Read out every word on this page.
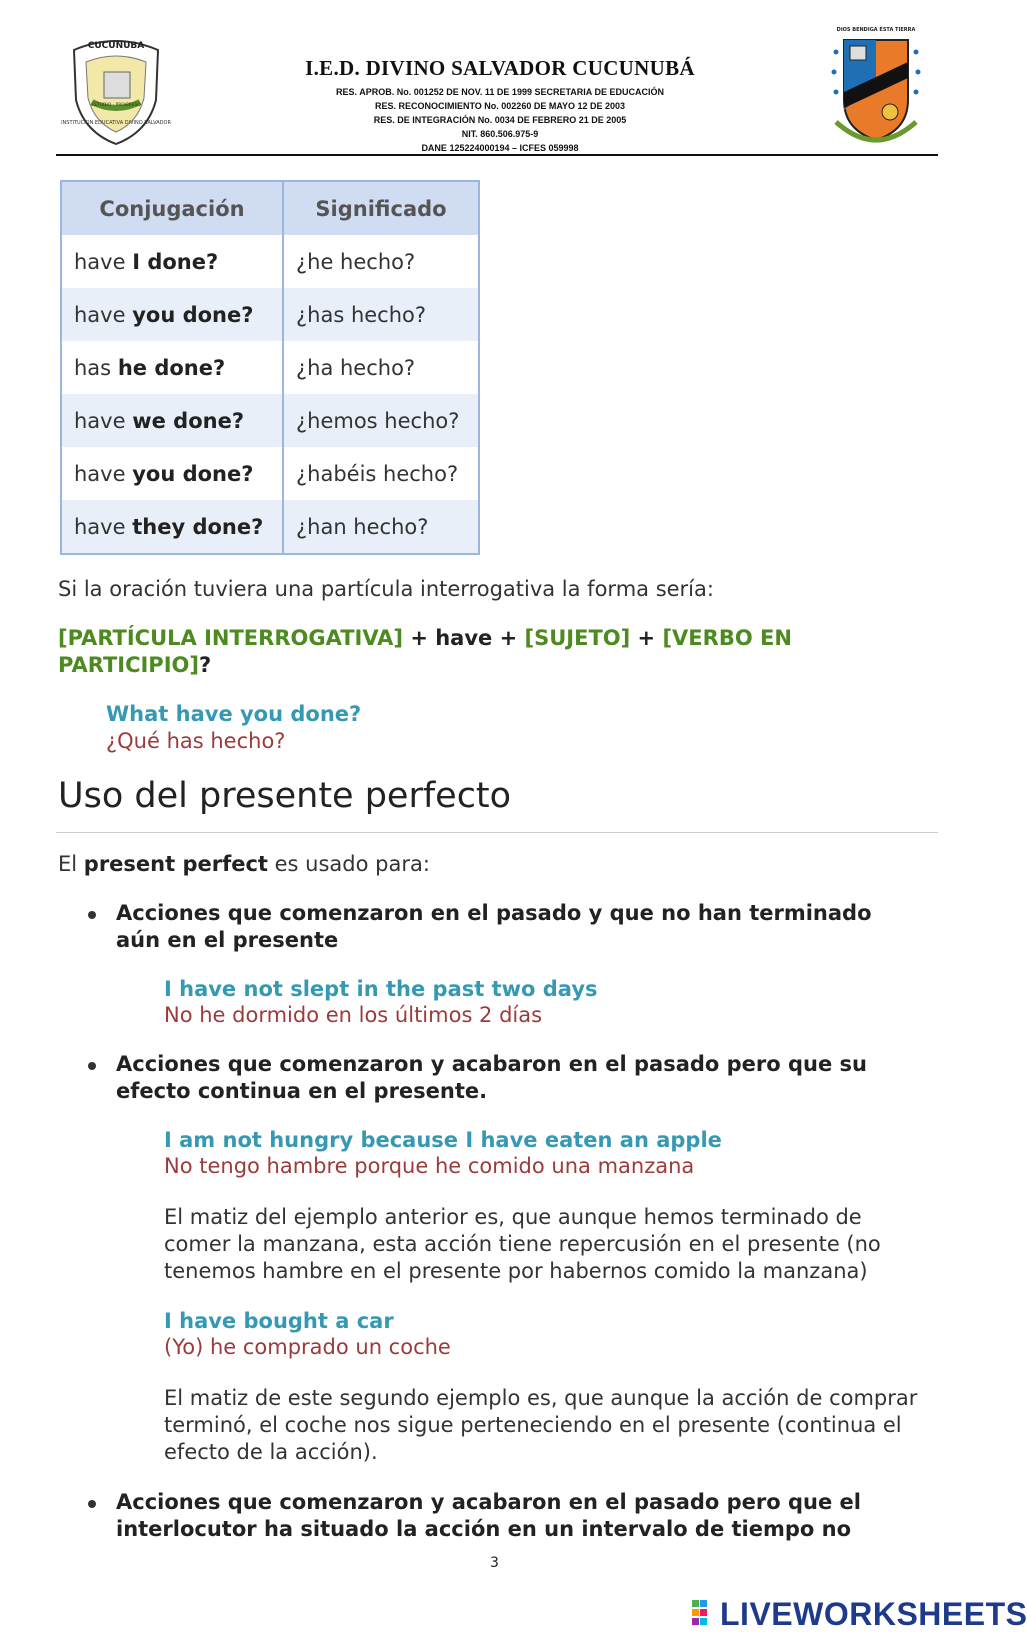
CUCUNUBA
INSTITUCION EDUCATIVA DIVINO SALVADOR
ESTUDIO · PROGRESO
I.E.D. DIVINO SALVADOR CUCUNUBÁ
RES. APROB. No. 001252 DE NOV. 11 DE 1999 SECRETARIA DE EDUCACIÓN
RES. RECONOCIMIENTO No. 002260 DE MAYO 12 DE 2003
RES. DE INTEGRACIÓN No. 0034 DE FEBRERO 21 DE 2005
NIT. 860.506.975-9
DANE 125224000194 – ICFES 059998
DIOS BENDIGA ESTA TIERRA
Conjugación	Significado
have I done?	¿he hecho?
have you done?	¿has hecho?
has he done?	¿ha hecho?
have we done?	¿hemos hecho?
have you done?	¿habéis hecho?
have they done?	¿han hecho?
Si la oración tuviera una partícula interrogativa la forma sería:
[PARTÍCULA INTERROGATIVA] + have + [SUJETO] + [VERBO EN PARTICIPIO]?
What have you done?
¿Qué has hecho?
Uso del presente perfecto
El present perfect es usado para:
Acciones que comenzaron en el pasado y que no han terminado aún en el presente
I have not slept in the past two days
No he dormido en los últimos 2 días
Acciones que comenzaron y acabaron en el pasado pero que su efecto continua en el presente.
I am not hungry because I have eaten an apple
No tengo hambre porque he comido una manzana
El matiz del ejemplo anterior es, que aunque hemos terminado de comer la manzana, esta acción tiene repercusión en el presente (no tenemos hambre en el presente por habernos comido la manzana)
I have bought a car
(Yo) he comprado un coche
El matiz de este segundo ejemplo es, que aunque la acción de comprar terminó, el coche nos sigue perteneciendo en el presente (continua el efecto de la acción).
Acciones que comenzaron y acabaron en el pasado pero que el interlocutor ha situado la acción en un intervalo de tiempo no
3
LIVEWORKSHEETS
